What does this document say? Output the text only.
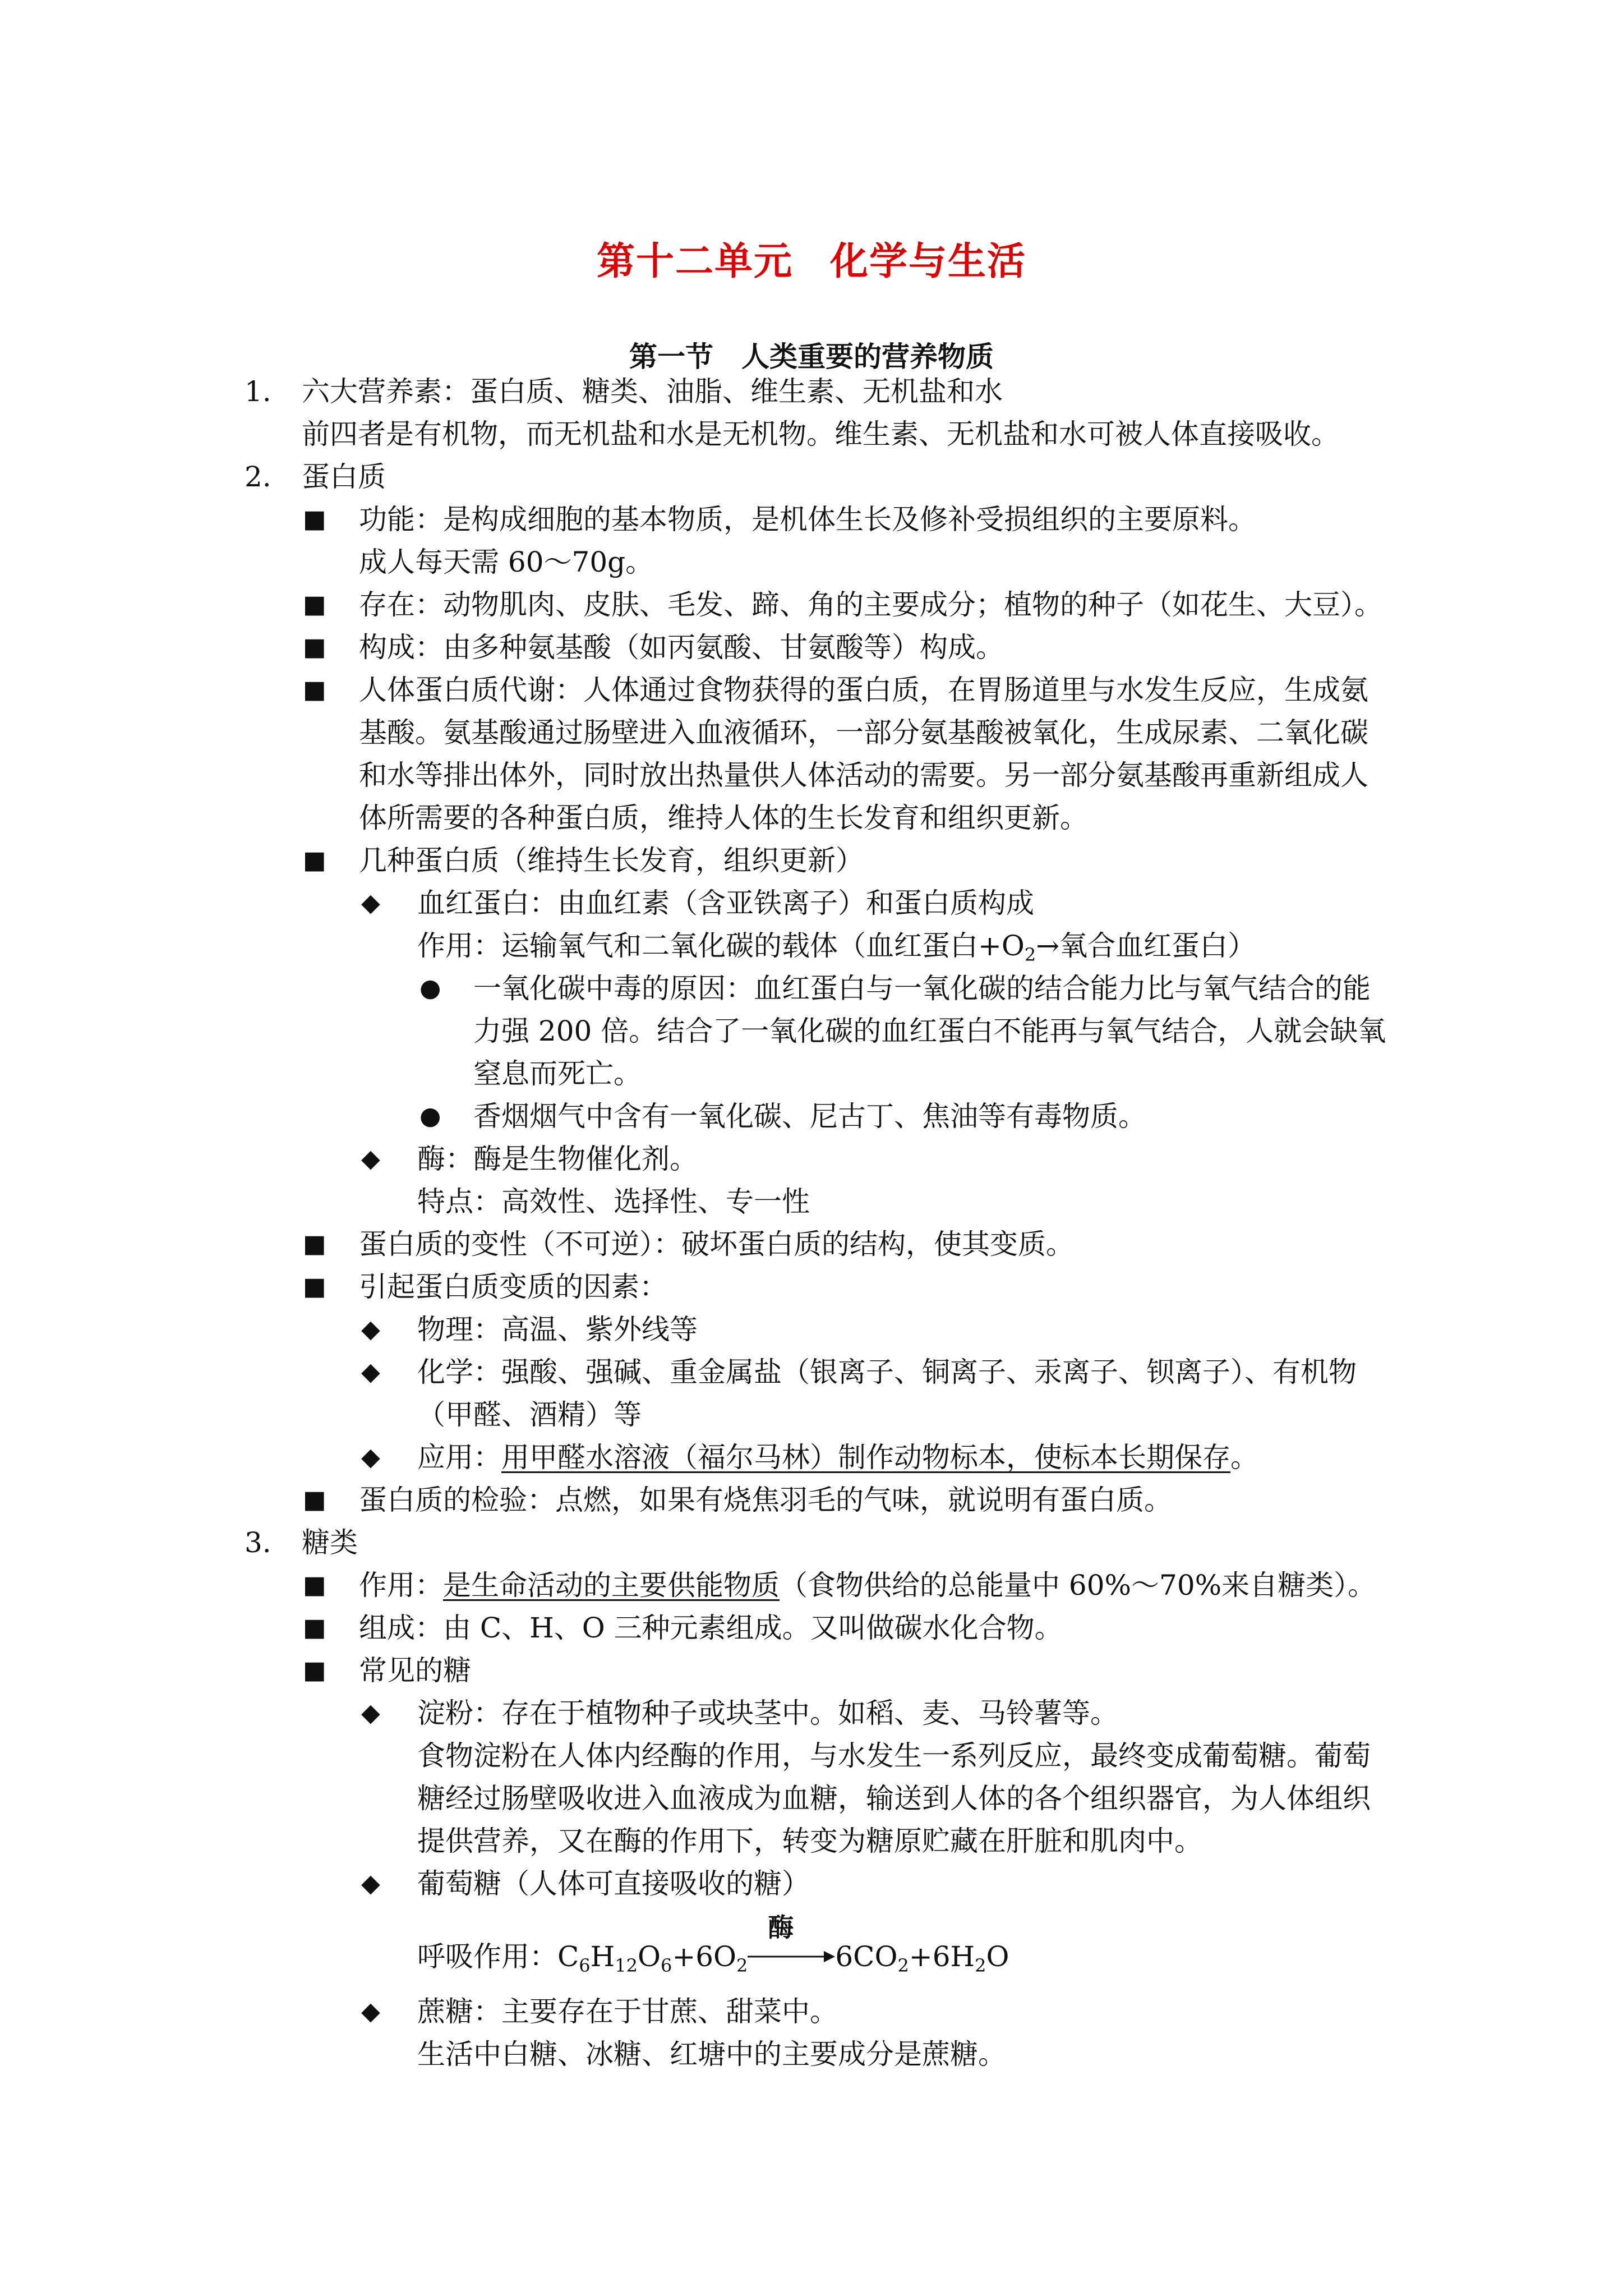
第十二单元 化学与生活
第一节 人类重要的营养物质
1. 六大营养素：蛋白质、糖类、油脂、维生素、无机盐和水
前四者是有机物，而无机盐和水是无机物。维生素、无机盐和水可被人体直接吸收。
2. 蛋白质
■ 功能：是构成细胞的基本物质，是机体生长及修补受损组织的主要原料。
成人每天需 60～70g。
■ 存在：动物肌肉、皮肤、毛发、蹄、角的主要成分；植物的种子（如花生、大豆）。
■ 构成：由多种氨基酸（如丙氨酸、甘氨酸等）构成。
■ 人体蛋白质代谢：人体通过食物获得的蛋白质，在胃肠道里与水发生反应，生成氨
基酸。氨基酸通过肠壁进入血液循环，一部分氨基酸被氧化，生成尿素、二氧化碳
和水等排出体外，同时放出热量供人体活动的需要。另一部分氨基酸再重新组成人
体所需要的各种蛋白质，维持人体的生长发育和组织更新。
■ 几种蛋白质（维持生长发育，组织更新）
◆ 血红蛋白：由血红素（含亚铁离子）和蛋白质构成
作用：运输氧气和二氧化碳的载体（血红蛋白$+O_2\to$氧合血红蛋白）
● 一氧化碳中毒的原因：血红蛋白与一氧化碳的结合能力比与氧气结合的能
力强 200 倍。结合了一氧化碳的血红蛋白不能再与氧气结合，人就会缺氧
窒息而死亡。
● 香烟烟气中含有一氧化碳、尼古丁、焦油等有毒物质。
◆ 酶：酶是生物催化剂。
特点：高效性、选择性、专一性
■ 蛋白质的变性（不可逆）：破坏蛋白质的结构，使其变质。
■ 引起蛋白质变质的因素：
◆ 物理：高温、紫外线等
◆ 化学：强酸、强碱、重金属盐（银离子、铜离子、汞离子、钡离子）、有机物
（甲醛、酒精）等
◆ 应用：用甲醛水溶液（福尔马林）制作动物标本，使标本长期保存。
■ 蛋白质的检验：点燃，如果有烧焦羽毛的气味，就说明有蛋白质。
3. 糖类
■ 作用：是生命活动的主要供能物质（食物供给的总能量中 60%～70%来自糖类）。
■ 组成：由 C、H、O 三种元素组成。又叫做碳水化合物。
■ 常见的糖
◆ 淀粉：存在于植物种子或块茎中。如稻、麦、马铃薯等。
食物淀粉在人体内经酶的作用，与水发生一系列反应，最终变成葡萄糖。葡萄
糖经过肠壁吸收进入血液成为血糖，输送到人体的各个组织器官，为人体组织
提供营养，又在酶的作用下，转变为糖原贮藏在肝脏和肌肉中。
◆ 葡萄糖（人体可直接吸收的糖）
呼吸作用：$C_6H_{12}O_6+6O_2$
酶
$6CO_2+6H_2O$
◆ 蔗糖：主要存在于甘蔗、甜菜中。
生活中白糖、冰糖、红塘中的主要成分是蔗糖。
